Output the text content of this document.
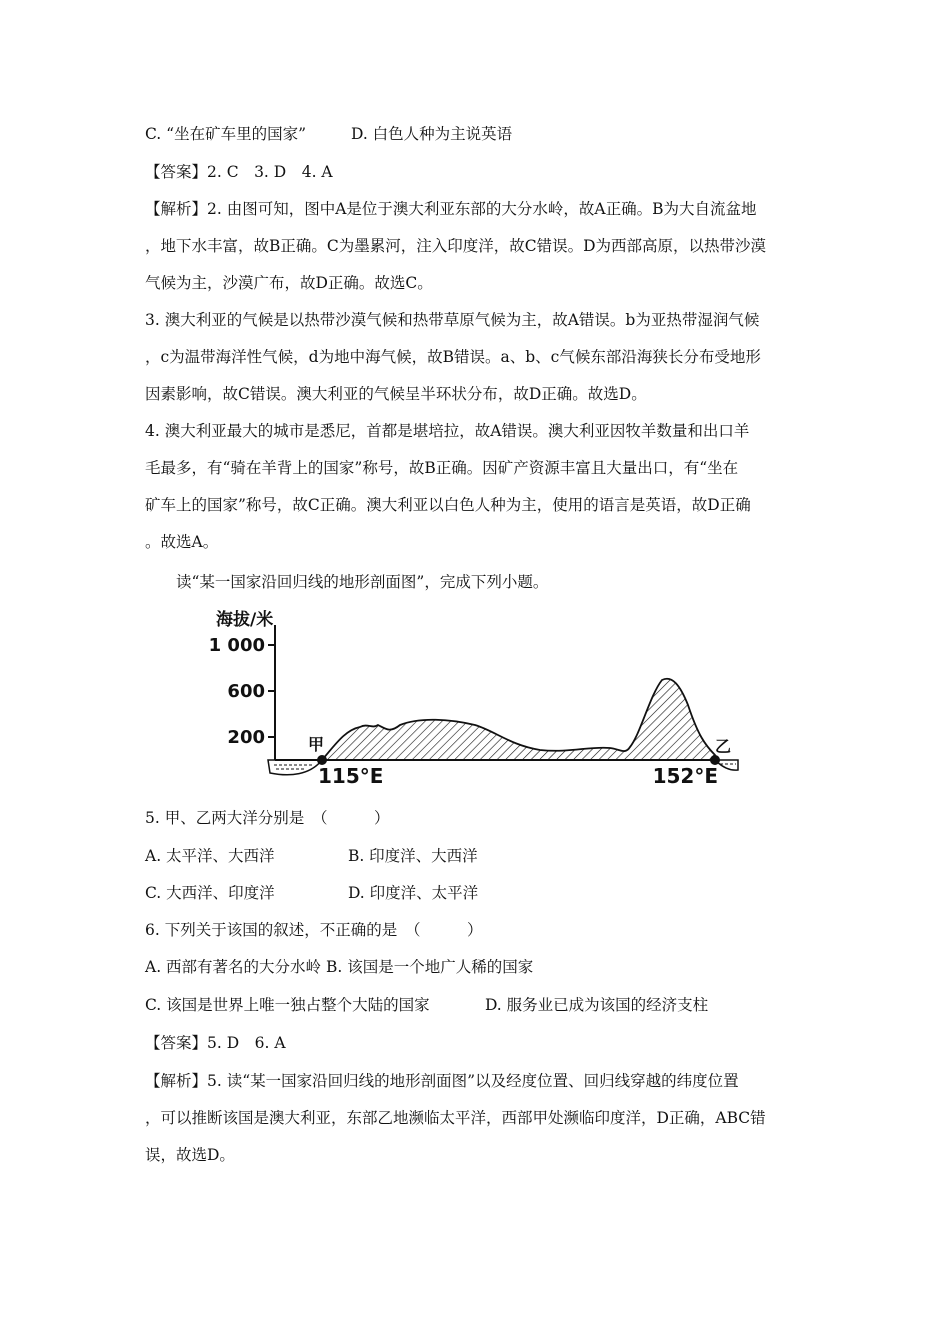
C. “坐在矿车里的国家”	D. 白色人种为主说英语
【答案】2. C　3. D　4. A
【解析】2. 由图可知，图中A是位于澳大利亚东部的大分水岭，故A正确。B为大自流盆地
，地下水丰富，故B正确。C为墨累河，注入印度洋，故C错误。D为西部高原，以热带沙漠
气候为主，沙漠广布，故D正确。故选C。
3. 澳大利亚的气候是以热带沙漠气候和热带草原气候为主，故A错误。b为亚热带湿润气候
，c为温带海洋性气候，d为地中海气候，故B错误。a、b、c气候东部沿海狭长分布受地形
因素影响，故C错误。澳大利亚的气候呈半环状分布，故D正确。故选D。
4. 澳大利亚最大的城市是悉尼，首都是堪培拉，故A错误。澳大利亚因牧羊数量和出口羊
毛最多，有“骑在羊背上的国家”称号，故B正确。因矿产资源丰富且大量出口，有“坐在
矿车上的国家”称号，故C正确。澳大利亚以白色人种为主，使用的语言是英语，故D正确
。故选A。
读“某一国家沿回归线的地形剖面图”，完成下列小题。
海拔/米
1 000
600
200	甲	乙
115°E	152°E
5. 甲、乙两大洋分别是　（　　　）
A. 太平洋、大西洋	B. 印度洋、大西洋
C. 大西洋、印度洋	D. 印度洋、太平洋
6. 下列关于该国的叙述，不正确的是　（　　　）
A. 西部有著名的大分水岭 B. 该国是一个地广人稀的国家
C. 该国是世界上唯一独占整个大陆的国家	D. 服务业已成为该国的经济支柱
【答案】5. D　6. A
【解析】5. 读“某一国家沿回归线的地形剖面图”以及经度位置、回归线穿越的纬度位置
，可以推断该国是澳大利亚，东部乙地濒临太平洋，西部甲处濒临印度洋，D正确，ABC错
误，故选D。
